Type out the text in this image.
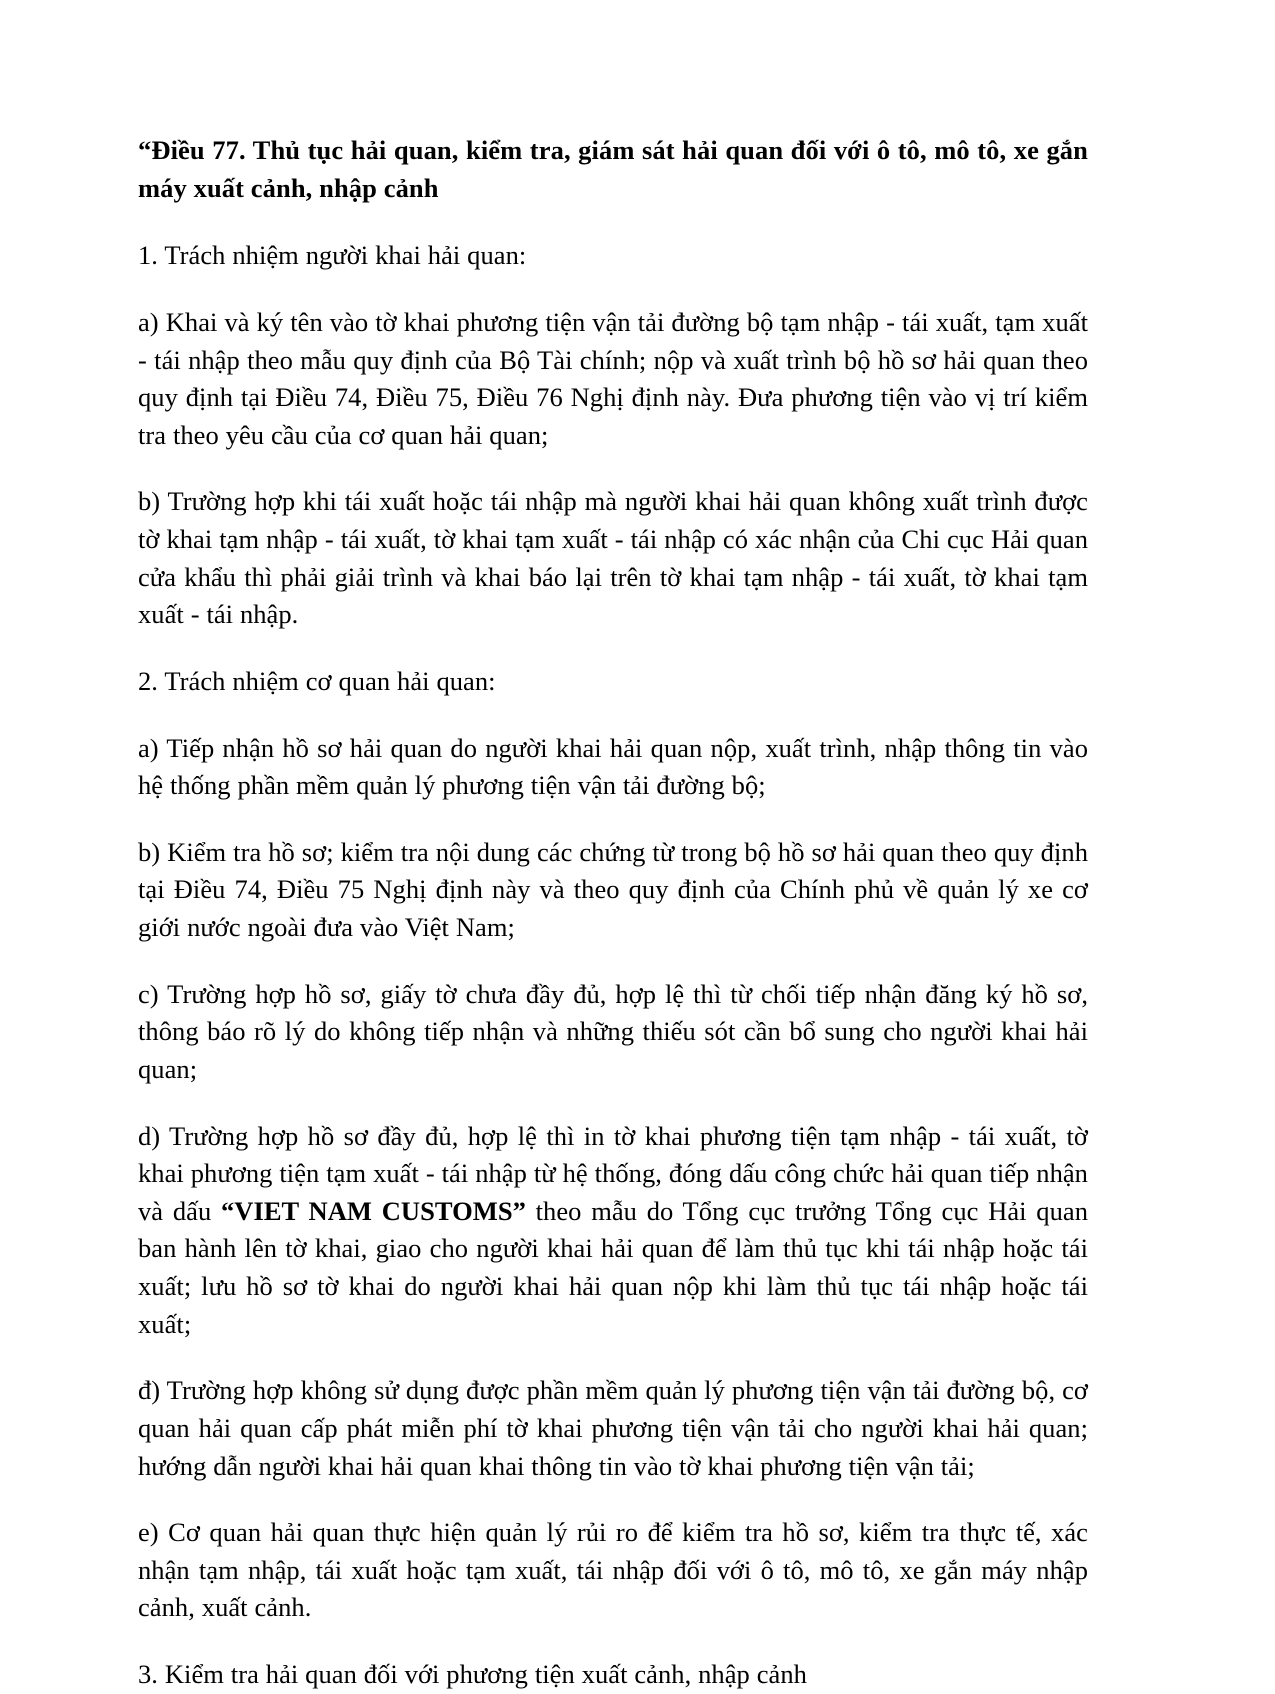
“Điều 77. Thủ tục hải quan, kiểm tra, giám sát hải quan đối với ô tô, mô tô, xe gắn máy xuất cảnh, nhập cảnh

1. Trách nhiệm người khai hải quan:

a) Khai và ký tên vào tờ khai phương tiện vận tải đường bộ tạm nhập - tái xuất, tạm xuất - tái nhập theo mẫu quy định của Bộ Tài chính; nộp và xuất trình bộ hồ sơ hải quan theo quy định tại Điều 74, Điều 75, Điều 76 Nghị định này. Đưa phương tiện vào vị trí kiểm tra theo yêu cầu của cơ quan hải quan;

b) Trường hợp khi tái xuất hoặc tái nhập mà người khai hải quan không xuất trình được tờ khai tạm nhập - tái xuất, tờ khai tạm xuất - tái nhập có xác nhận của Chi cục Hải quan cửa khẩu thì phải giải trình và khai báo lại trên tờ khai tạm nhập - tái xuất, tờ khai tạm xuất - tái nhập.

2. Trách nhiệm cơ quan hải quan:

a) Tiếp nhận hồ sơ hải quan do người khai hải quan nộp, xuất trình, nhập thông tin vào hệ thống phần mềm quản lý phương tiện vận tải đường bộ;

b) Kiểm tra hồ sơ; kiểm tra nội dung các chứng từ trong bộ hồ sơ hải quan theo quy định tại Điều 74, Điều 75 Nghị định này và theo quy định của Chính phủ về quản lý xe cơ giới nước ngoài đưa vào Việt Nam;

c) Trường hợp hồ sơ, giấy tờ chưa đầy đủ, hợp lệ thì từ chối tiếp nhận đăng ký hồ sơ, thông báo rõ lý do không tiếp nhận và những thiếu sót cần bổ sung cho người khai hải quan;

d) Trường hợp hồ sơ đầy đủ, hợp lệ thì in tờ khai phương tiện tạm nhập - tái xuất, tờ khai phương tiện tạm xuất - tái nhập từ hệ thống, đóng dấu công chức hải quan tiếp nhận và dấu “VIET NAM CUSTOMS” theo mẫu do Tổng cục trưởng Tổng cục Hải quan ban hành lên tờ khai, giao cho người khai hải quan để làm thủ tục khi tái nhập hoặc tái xuất; lưu hồ sơ tờ khai do người khai hải quan nộp khi làm thủ tục tái nhập hoặc tái xuất;

đ) Trường hợp không sử dụng được phần mềm quản lý phương tiện vận tải đường bộ, cơ quan hải quan cấp phát miễn phí tờ khai phương tiện vận tải cho người khai hải quan; hướng dẫn người khai hải quan khai thông tin vào tờ khai phương tiện vận tải;

e) Cơ quan hải quan thực hiện quản lý rủi ro để kiểm tra hồ sơ, kiểm tra thực tế, xác nhận tạm nhập, tái xuất hoặc tạm xuất, tái nhập đối với ô tô, mô tô, xe gắn máy nhập cảnh, xuất cảnh.

3. Kiểm tra hải quan đối với phương tiện xuất cảnh, nhập cảnh
